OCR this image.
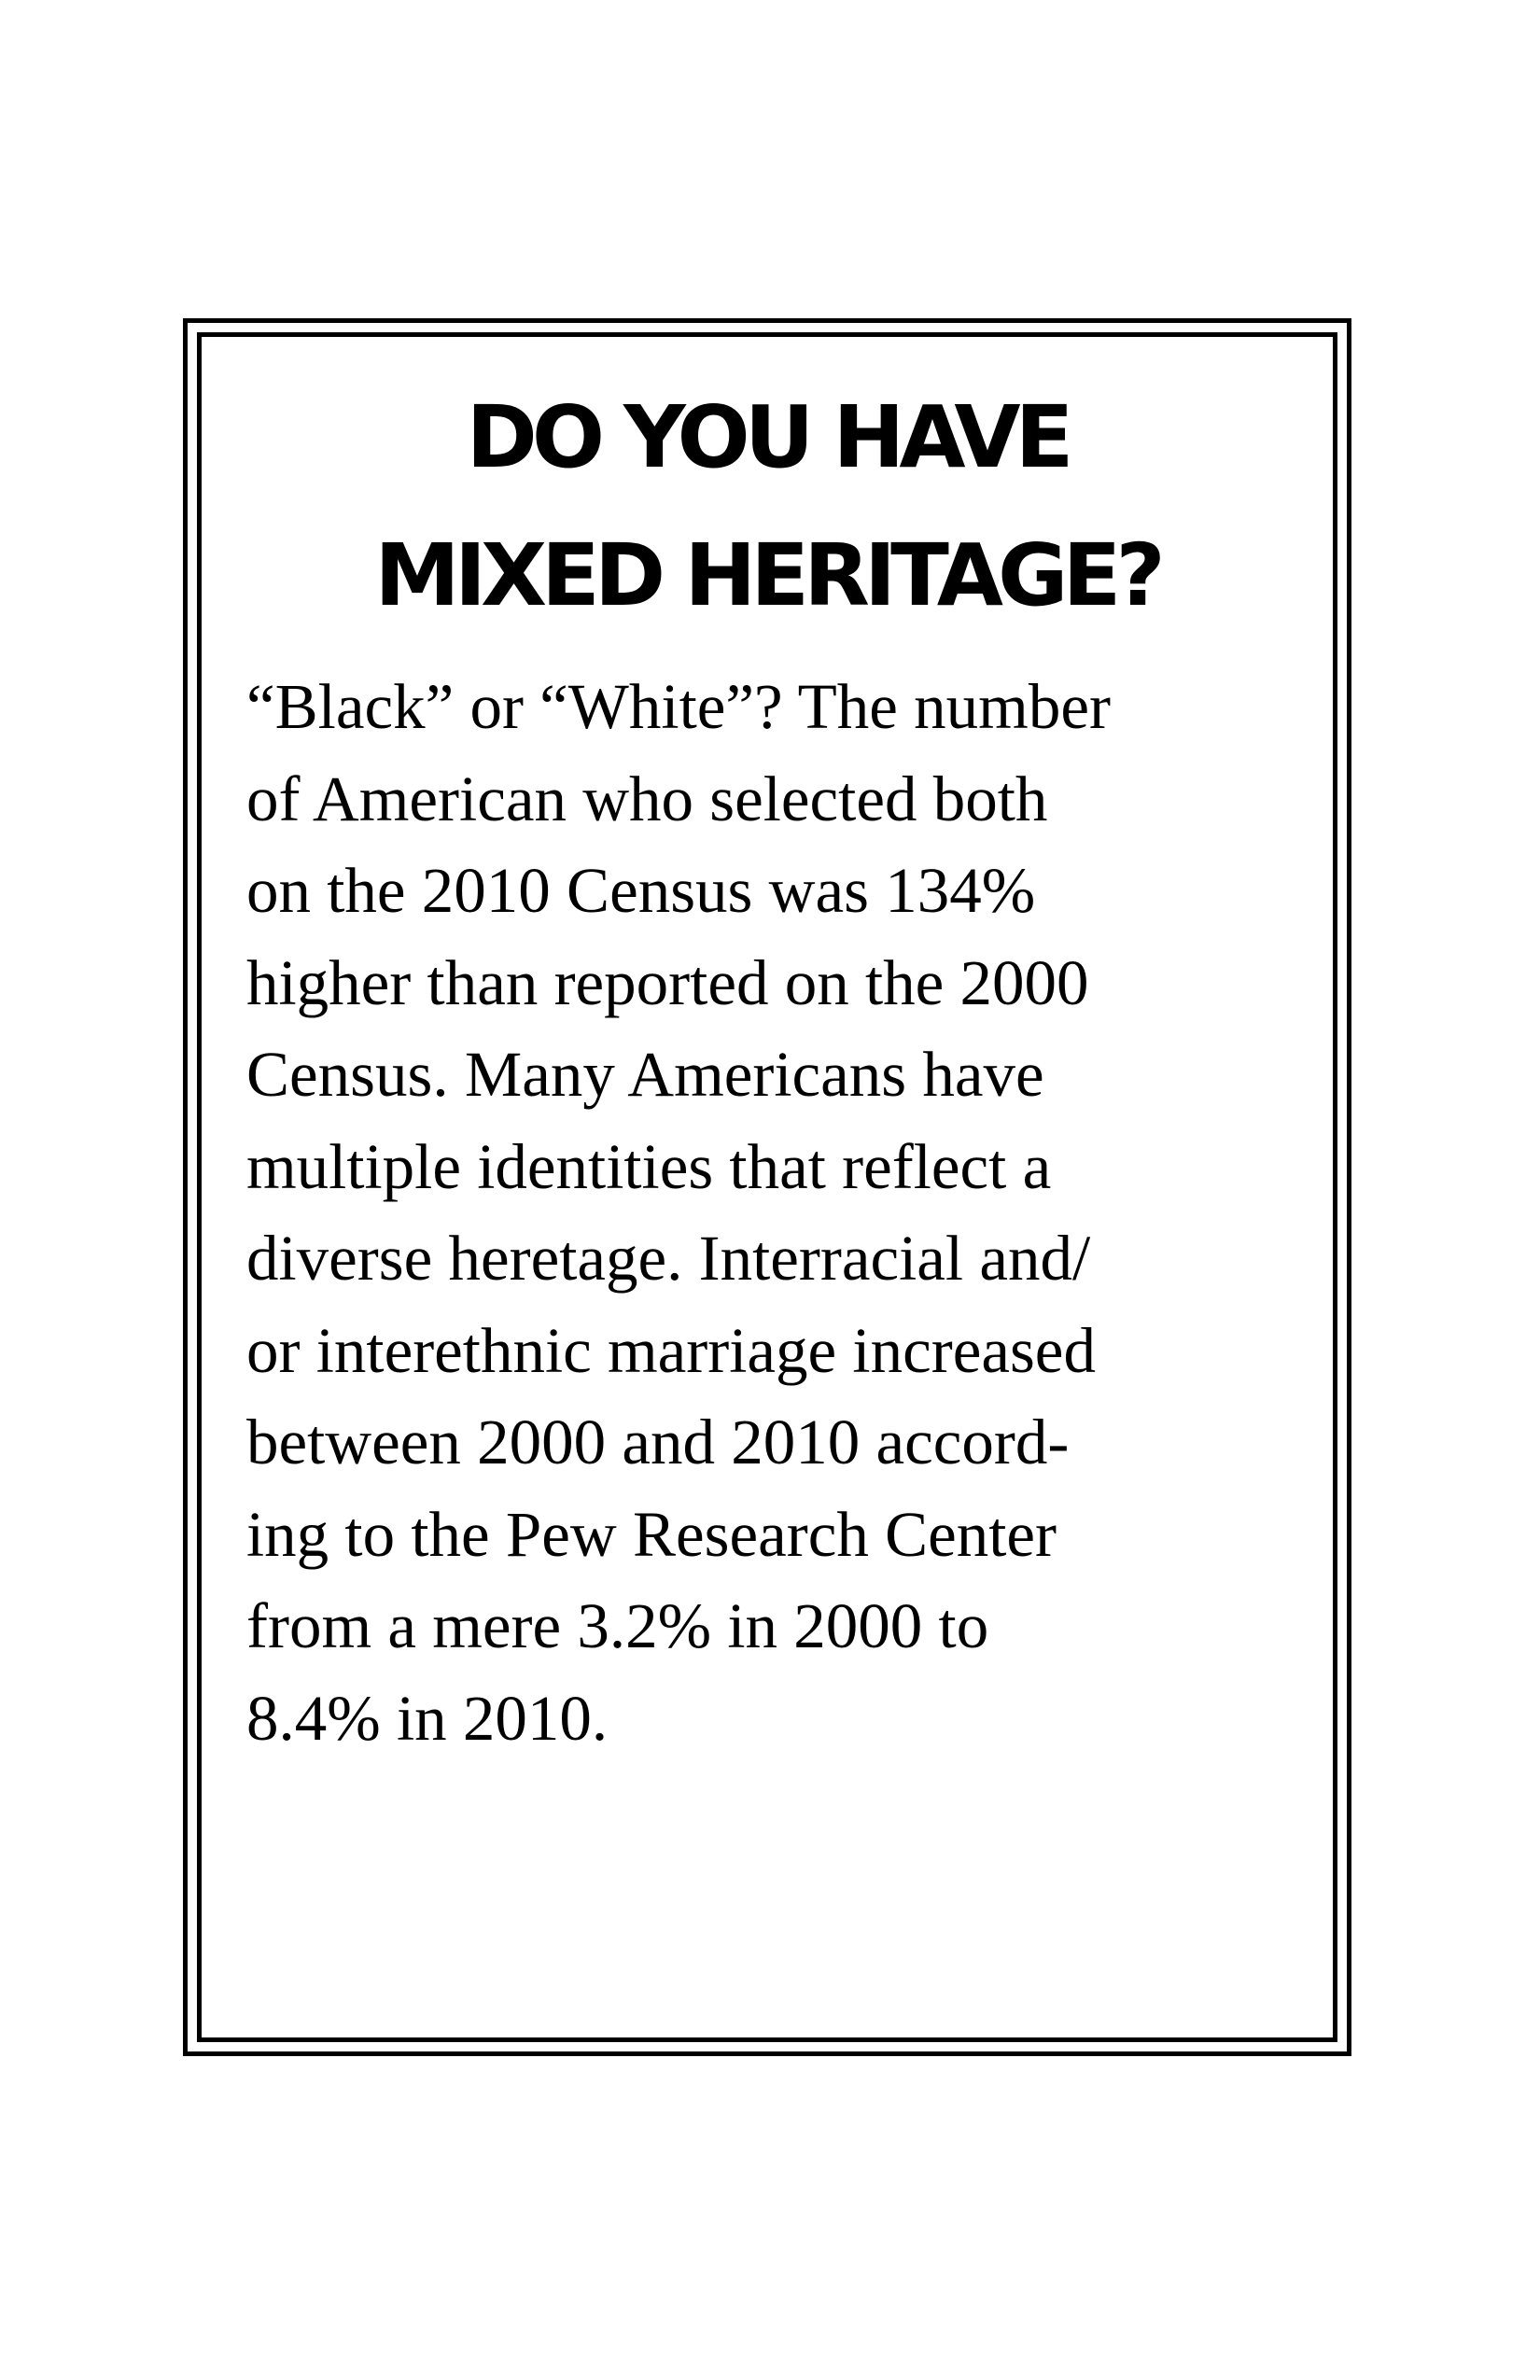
DO YOU HAVE
MIXED HERITAGE?
“Black” or “White”? The number
of American who selected both
on the 2010 Census was 134%
higher than reported on the 2000
Census. Many Americans have
multiple identities that reflect a
diverse heretage. Interracial and/
or interethnic marriage increased
between 2000 and 2010 accord-
ing to the Pew Research Center
from a mere 3.2% in 2000 to
8.4% in 2010.
